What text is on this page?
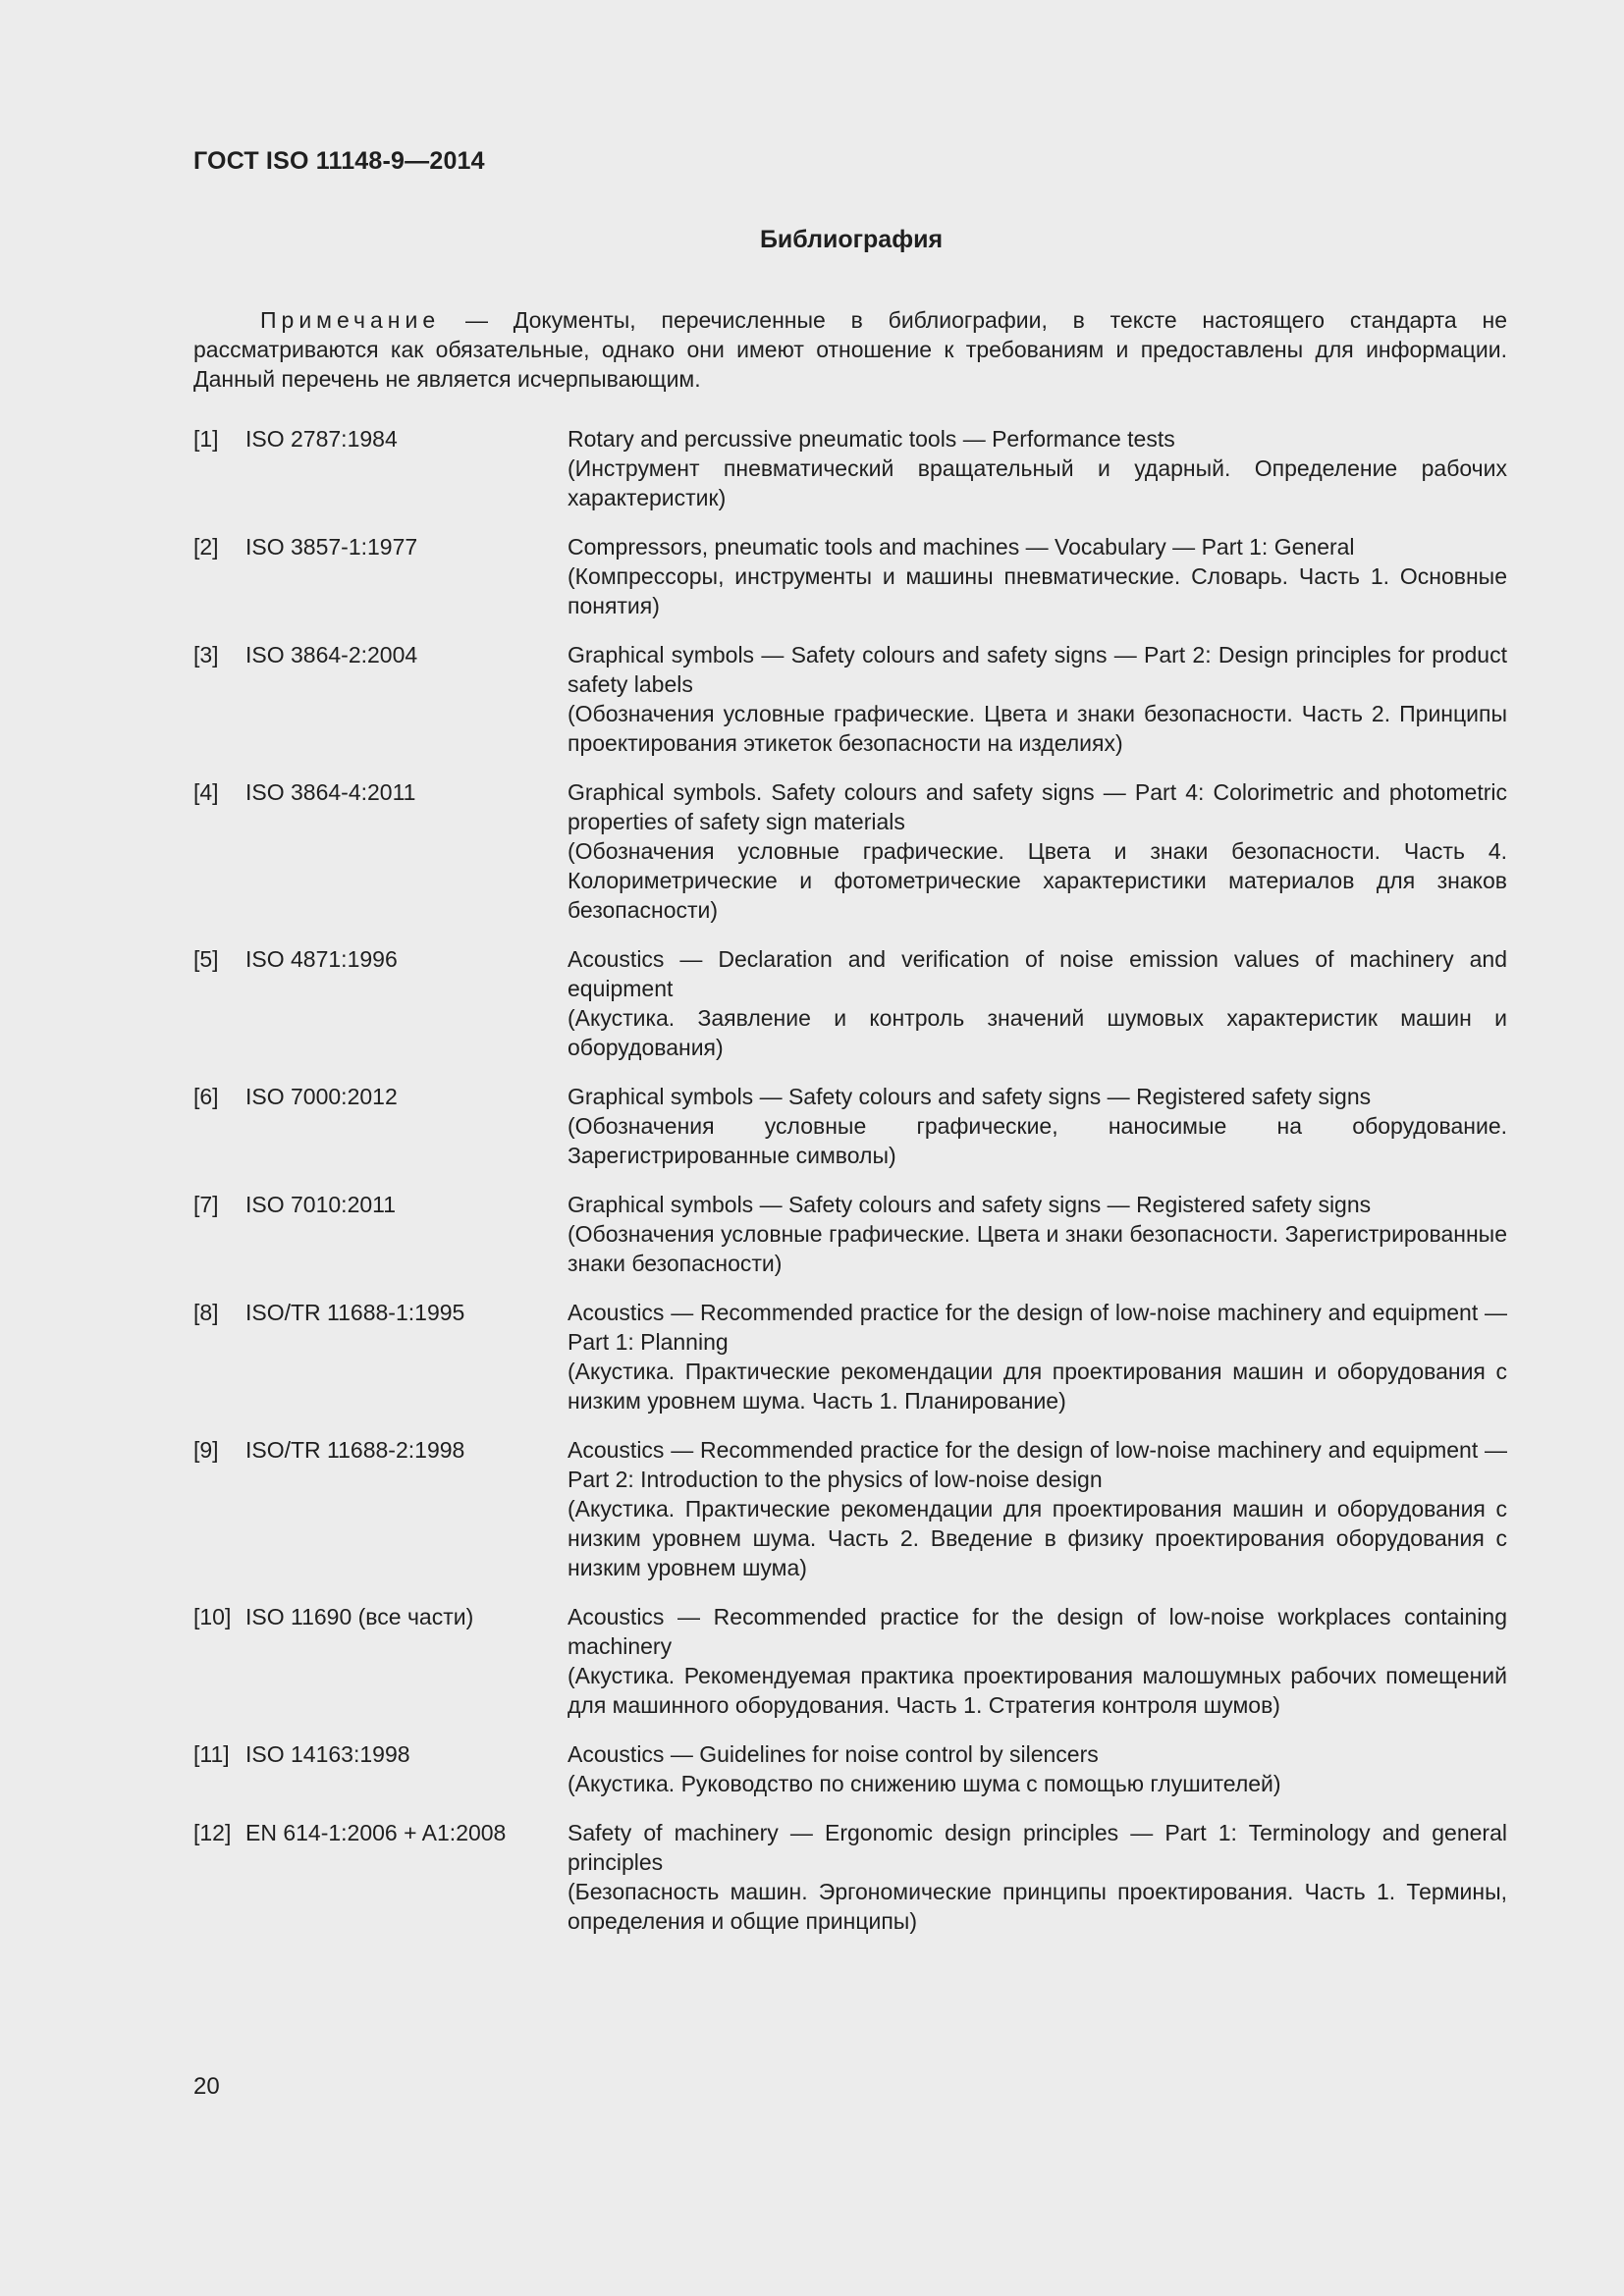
ГОСТ ISO 11148-9—2014
Библиография
Примечание — Документы, перечисленные в библиографии, в тексте настоящего стандарта не рассматриваются как обязательные, однако они имеют отношение к требованиям и предоставлены для информации. Данный перечень не является исчерпывающим.
[1] ISO 2787:1984	Rotary and percussive pneumatic tools — Performance tests
(Инструмент пневматический вращательный и ударный. Определение рабочих характеристик)
[2] ISO 3857-1:1977	Compressors, pneumatic tools and machines — Vocabulary — Part 1: General
(Компрессоры, инструменты и машины пневматические. Словарь. Часть 1. Основные понятия)
[3] ISO 3864-2:2004	Graphical symbols — Safety colours and safety signs — Part 2: Design principles for product safety labels
(Обозначения условные графические. Цвета и знаки безопасности. Часть 2. Принципы проектирования этикеток безопасности на изделиях)
[4] ISO 3864-4:2011	Graphical symbols. Safety colours and safety signs — Part 4: Colorimetric and photometric properties of safety sign materials
(Обозначения условные графические. Цвета и знаки безопасности. Часть 4. Колориметрические и фотометрические характеристики материалов для знаков безопасности)
[5] ISO 4871:1996	Acoustics — Declaration and verification of noise emission values of machinery and equipment
(Акустика. Заявление и контроль значений шумовых характеристик машин и оборудования)
[6] ISO 7000:2012	Graphical symbols — Safety colours and safety signs — Registered safety signs
(Обозначения условные графические, наносимые на оборудование. Зарегистрированные символы)
[7] ISO 7010:2011	Graphical symbols — Safety colours and safety signs — Registered safety signs
(Обозначения условные графические. Цвета и знаки безопасности. Зарегистрированные знаки безопасности)
[8] ISO/TR 11688-1:1995	Acoustics — Recommended practice for the design of low-noise machinery and equipment — Part 1: Planning
(Акустика. Практические рекомендации для проектирования машин и оборудования с низким уровнем шума. Часть 1. Планирование)
[9] ISO/TR 11688-2:1998	Acoustics — Recommended practice for the design of low-noise machinery and equipment — Part 2: Introduction to the physics of low-noise design
(Акустика. Практические рекомендации для проектирования машин и оборудования с низким уровнем шума. Часть 2. Введение в физику проектирования оборудования с низким уровнем шума)
[10] ISO 11690 (все части)	Acoustics — Recommended practice for the design of low-noise workplaces containing machinery
(Акустика. Рекомендуемая практика проектирования малошумных рабочих помещений для машинного оборудования. Часть 1. Стратегия контроля шумов)
[11] ISO 14163:1998	Acoustics — Guidelines for noise control by silencers
(Акустика. Руководство по снижению шума с помощью глушителей)
[12] EN 614-1:2006 + A1:2008	Safety of machinery — Ergonomic design principles — Part 1: Terminology and general principles
(Безопасность машин. Эргономические принципы проектирования. Часть 1. Термины, определения и общие принципы)
20
